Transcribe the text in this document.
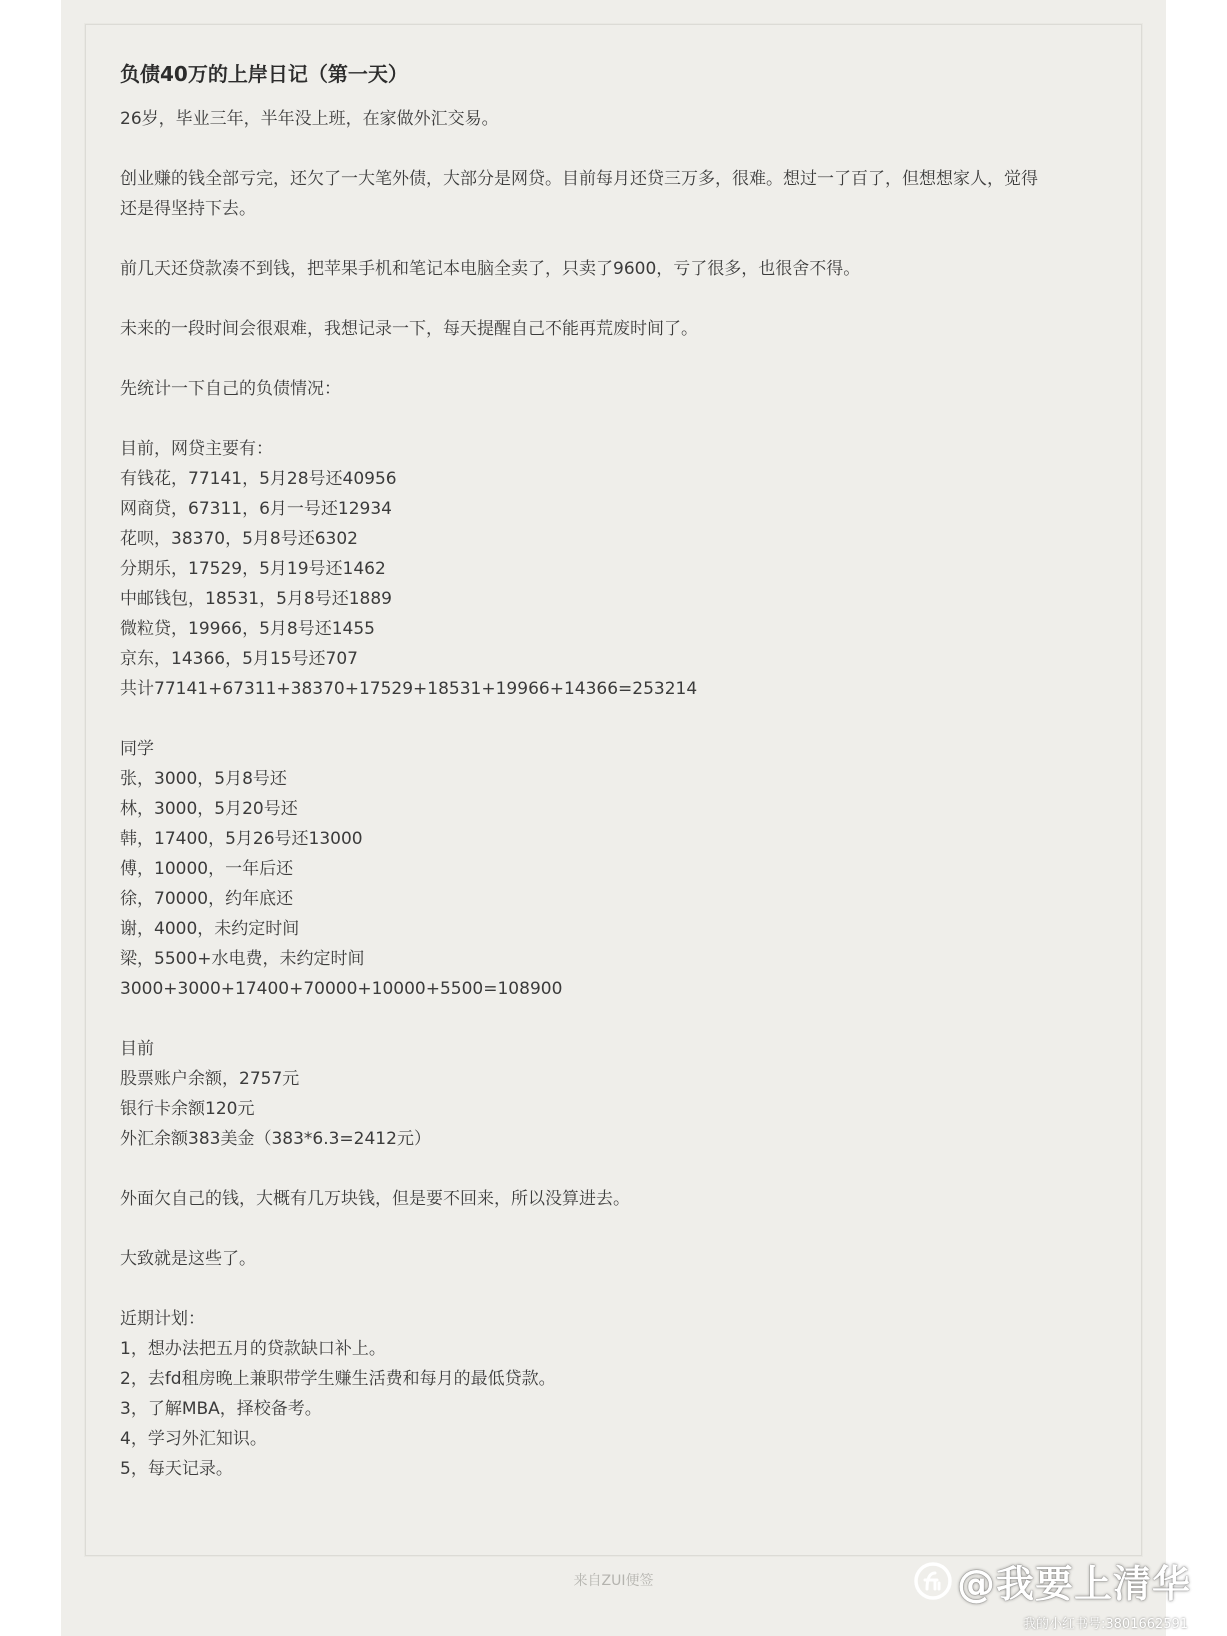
负债40万的上岸日记（第一天）

26岁，毕业三年，半年没上班，在家做外汇交易。

创业赚的钱全部亏完，还欠了一大笔外债，大部分是网贷。目前每月还贷三万多，很难。想过一了百了，但想想家人，觉得

还是得坚持下去。

前几天还贷款凑不到钱，把苹果手机和笔记本电脑全卖了，只卖了9600，亏了很多，也很舍不得。

未来的一段时间会很艰难，我想记录一下，每天提醒自己不能再荒废时间了。

先统计一下自己的负债情况：

目前，网贷主要有：

有钱花，77141，5月28号还40956

网商贷，67311，6月一号还12934

花呗，38370，5月8号还6302

分期乐，17529，5月19号还1462

中邮钱包，18531，5月8号还1889

微粒贷，19966，5月8号还1455

京东，14366，5月15号还707

共计77141+67311+38370+17529+18531+19966+14366=253214

同学

张，3000，5月8号还

林，3000，5月20号还

韩，17400，5月26号还13000

傅，10000，一年后还

徐，70000，约年底还

谢，4000，未约定时间

梁，5500+水电费，未约定时间

3000+3000+17400+70000+10000+5500=108900

目前

股票账户余额，2757元

银行卡余额120元

外汇余额383美金（383*6.3=2412元）

外面欠自己的钱，大概有几万块钱，但是要不回来，所以没算进去。

大致就是这些了。

近期计划：

1，想办法把五月的贷款缺口补上。

2，去fd租房晚上兼职带学生赚生活费和每月的最低贷款。

3，了解MBA，择校备考。

4，学习外汇知识。

5，每天记录。

来自ZUI便签	@我要上清华
我的小红书号:3801662591
